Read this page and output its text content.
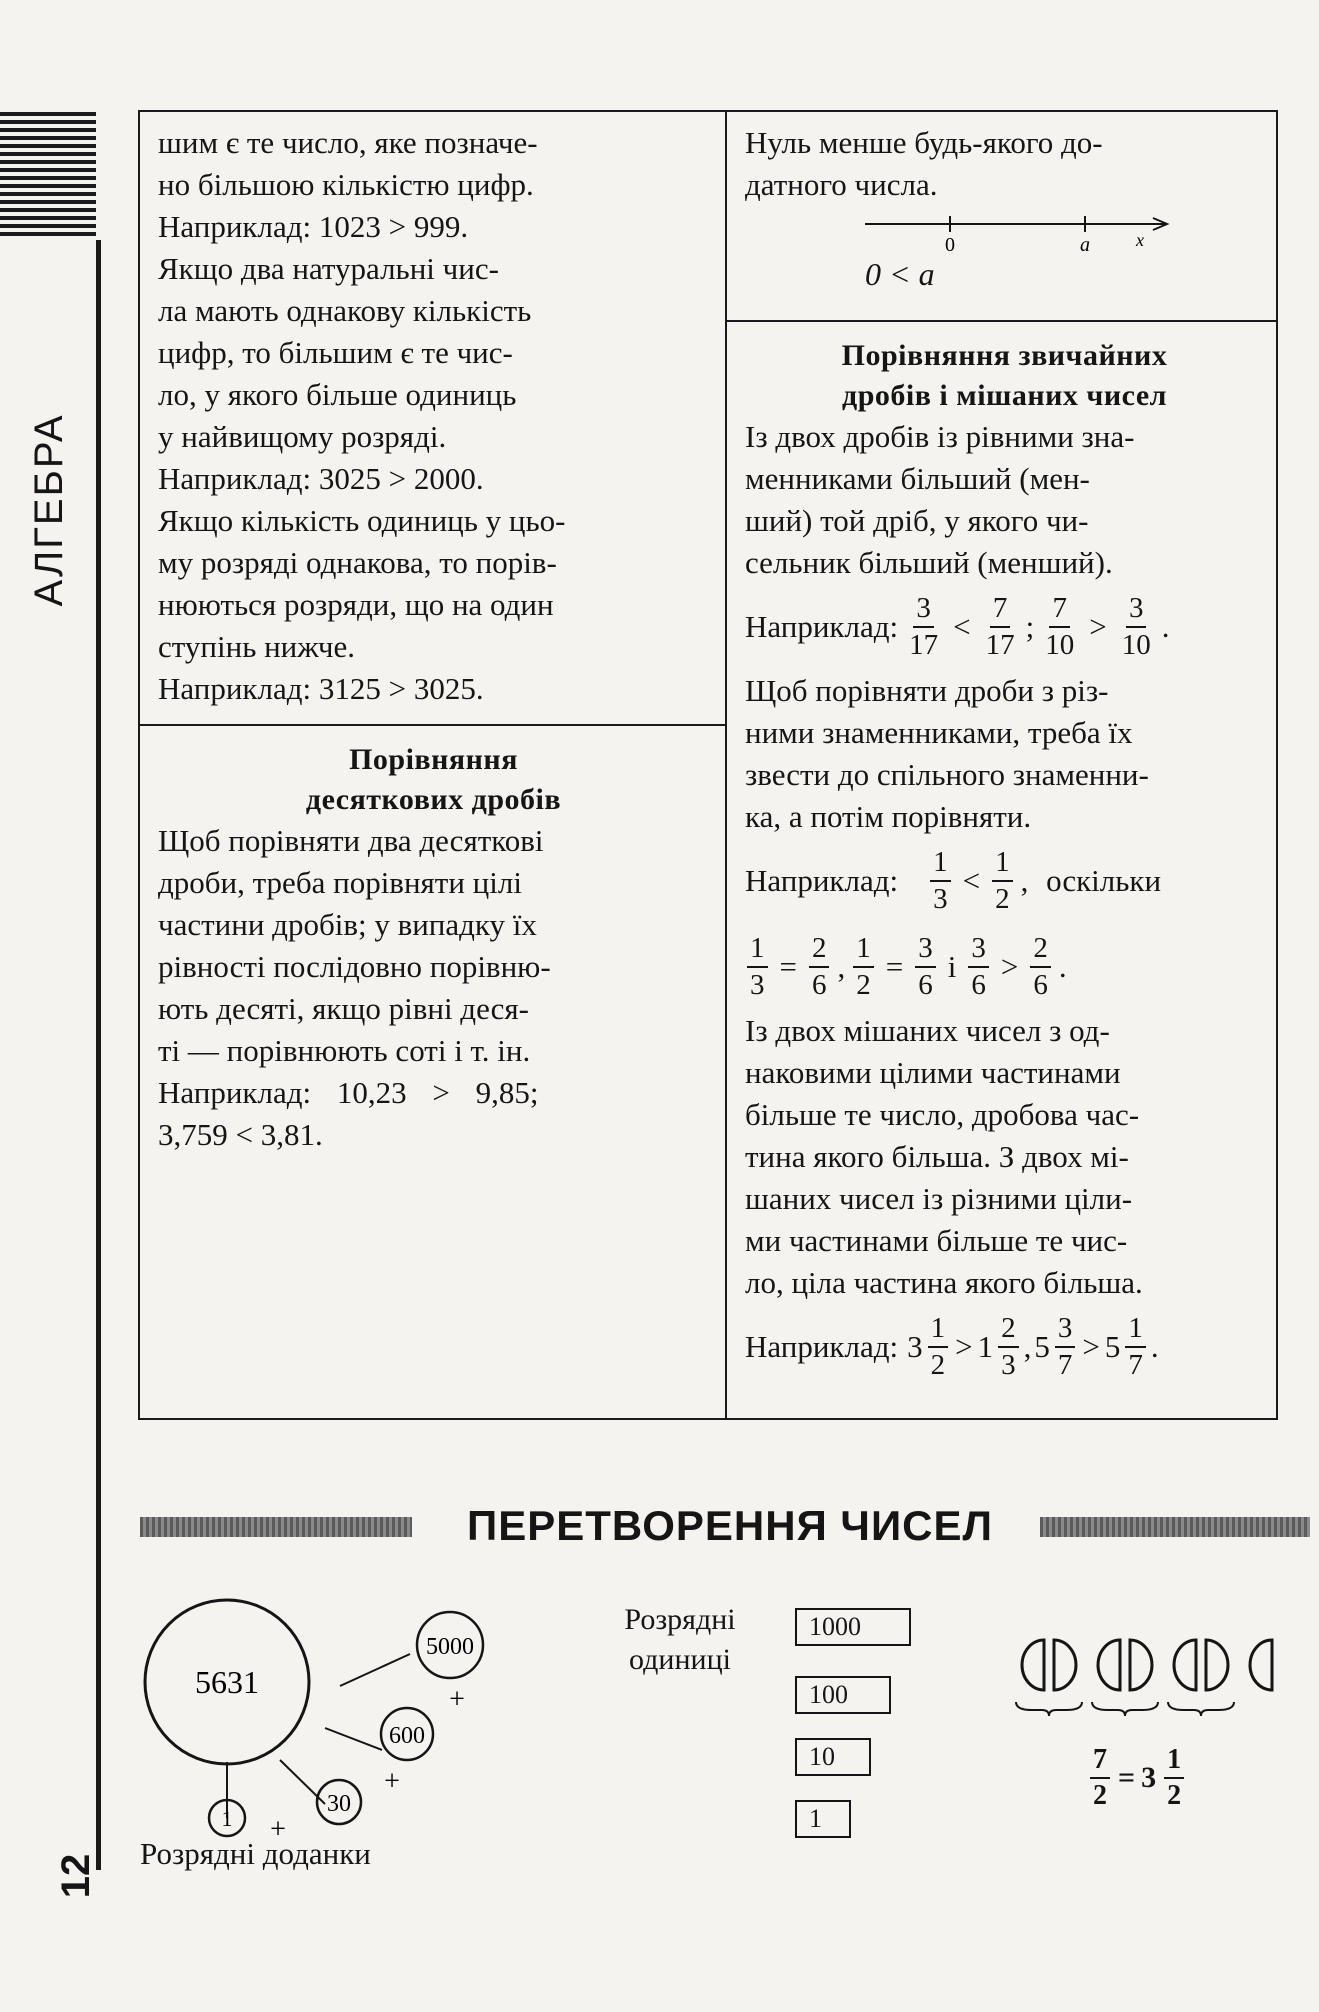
АЛГЕБРА
12

шим є те число, яке позначе-

но більшою кількістю цифр.

Наприклад: 1023 > 999.

Якщо два натуральні чис-

ла мають однакову кількість

цифр, то більшим є те чис-

ло, у якого більше одиниць

у найвищому розряді.

Наприклад: 3025 > 2000.

Якщо кількість одиниць у цьо-

му розряді однакова, то порів-

нюються розряди, що на один

ступінь нижче.

Наприклад: 3125 > 3025.

Порівняння
десяткових дробів

Щоб порівняти два десяткові

дроби, треба порівняти цілі

частини дробів; у випадку їх

рівності послідовно порівню-

ють десяті, якщо рівні деся-

ті — порівнюють соті і т. ін.

Наприклад: 10,23 > 9,85;

3,759 < 3,81.

Нуль менше будь-якого до-

датного числа.

0	a	x

0 < a

Порівняння звичайних
дробів і мішаних чисел

Із двох дробів із рівними зна-

менниками більший (мен-

ший) той дріб, у якого чи-

сельник більший (менший).

Наприклад: $\frac{3}{17} < \frac{7}{17}$ ; $\frac{7}{10} > \frac{3}{10}$ .

Щоб порівняти дроби з різ-

ними знаменниками, треба їх

звести до спільного знаменни-

ка, а потім порівняти.

Наприклад: $\frac{1}{3} < \frac{1}{2}$ , оскільки
$\frac{1}{3} = \frac{2}{6}$ , $\frac{1}{2} = \frac{3}{6}$ і $\frac{3}{6} > \frac{2}{6}$ .

Із двох мішаних чисел з од-

наковими цілими частинами

більше те число, дробова час-

тина якого більша. З двох мі-

шаних чисел із різними ціли-

ми частинами більше те чис-

ло, ціла частина якого більша.

Наприклад: $3 \frac{1}{2} > 1 \frac{2}{3}$ , $5 \frac{3}{7} > 5 \frac{1}{7}$ .
ПЕРЕТВОРЕННЯ ЧИСЕЛ
5631
5000
600
30
1
+
+
+
Розрядні доданки
Розрядні
одиниці
1000
100
10
1
$\frac{7}{2} = 3 \frac{1}{2}$
